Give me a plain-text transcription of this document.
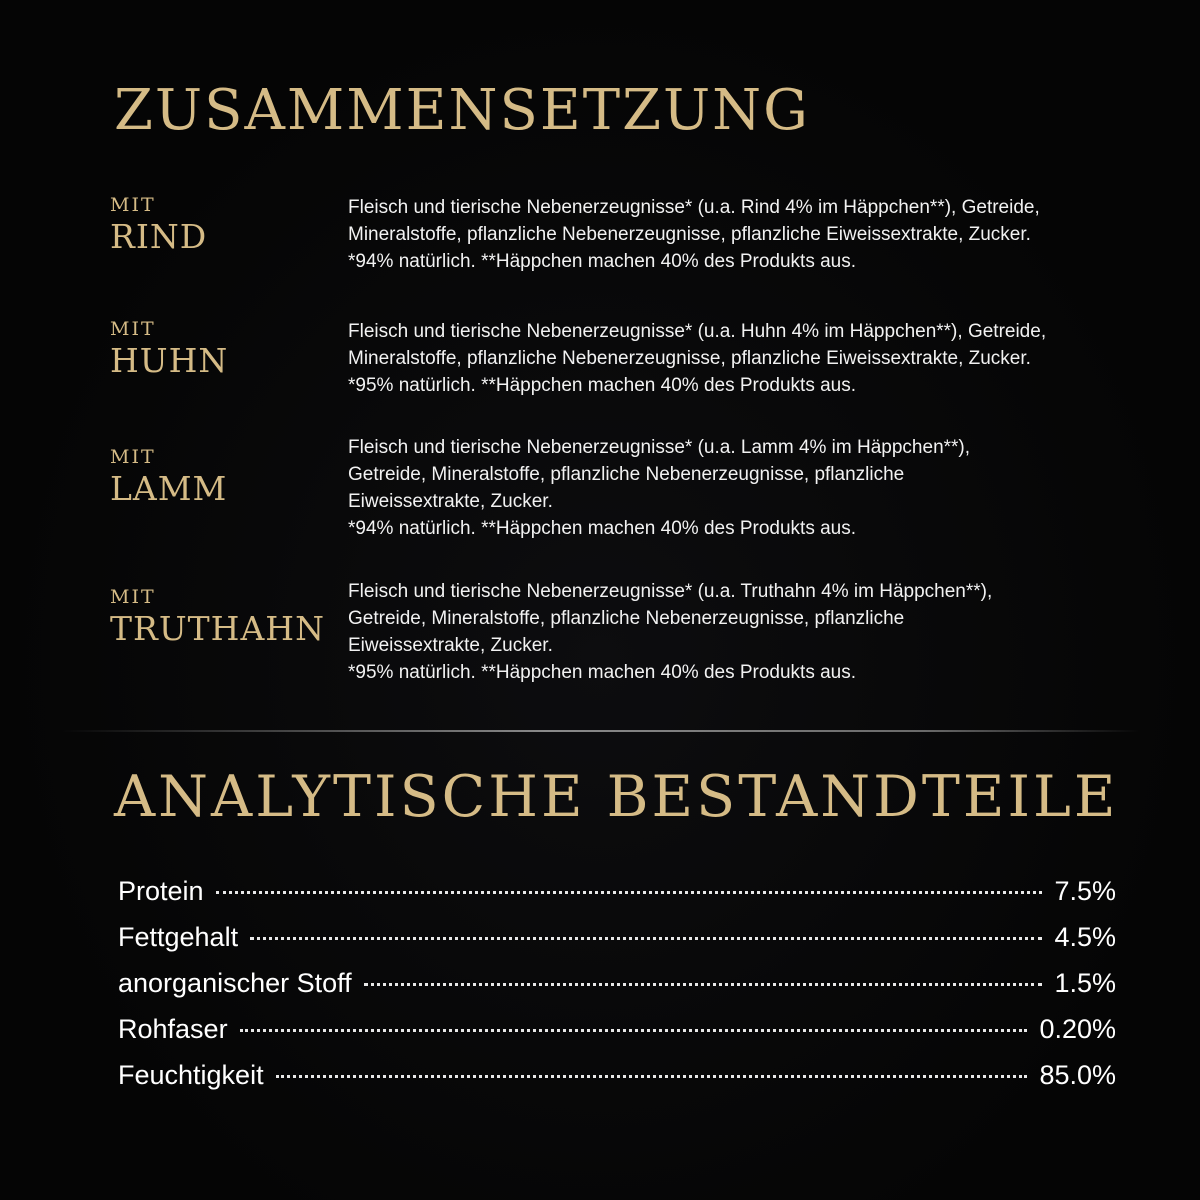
ZUSAMMENSETZUNG
MIT
RIND
Fleisch und tierische Nebenerzeugnisse* (u.a. Rind 4% im Häppchen**), Getreide,
Mineralstoffe, pflanzliche Nebenerzeugnisse, pflanzliche Eiweissextrakte, Zucker.
*94% natürlich. **Häppchen machen 40% des Produkts aus.
MIT
HUHN
Fleisch und tierische Nebenerzeugnisse* (u.a. Huhn 4% im Häppchen**), Getreide,
Mineralstoffe, pflanzliche Nebenerzeugnisse, pflanzliche Eiweissextrakte, Zucker.
*95% natürlich. **Häppchen machen 40% des Produkts aus.
MIT
LAMM
Fleisch und tierische Nebenerzeugnisse* (u.a. Lamm 4% im Häppchen**),
Getreide, Mineralstoffe, pflanzliche Nebenerzeugnisse, pflanzliche
Eiweissextrakte, Zucker.
*94% natürlich. **Häppchen machen 40% des Produkts aus.
MIT
TRUTHAHN
Fleisch und tierische Nebenerzeugnisse* (u.a. Truthahn 4% im Häppchen**),
Getreide, Mineralstoffe, pflanzliche Nebenerzeugnisse, pflanzliche
Eiweissextrakte, Zucker.
*95% natürlich. **Häppchen machen 40% des Produkts aus.
ANALYTISCHE BESTANDTEILE
Protein	7.5%
Fettgehalt	4.5%
anorganischer Stoff	1.5%
Rohfaser	0.20%
Feuchtigkeit	85.0%
